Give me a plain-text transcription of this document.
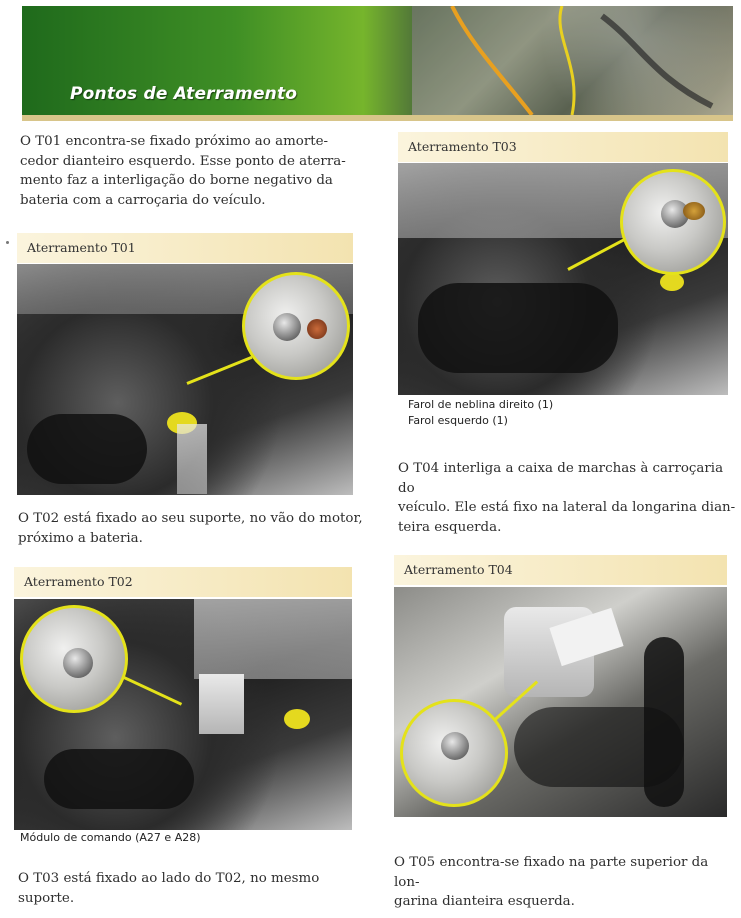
Pontos de Aterramento
O T01 encontra-se fixado próximo ao amorte-
cedor dianteiro esquerdo. Esse ponto de aterra-
mento faz a interligação do borne negativo da
bateria com a carroçaria do veículo.
Aterramento T01
O T02 está fixado ao seu suporte, no vão do motor,
próximo a bateria.
Aterramento T02
Módulo de comando (A27 e A28)
O T03 está fixado ao lado do T02, no mesmo
suporte.
Aterramento T03
Farol de neblina direito (1)
Farol esquerdo (1)
O T04 interliga a caixa de marchas à carroçaria do
veículo. Ele está fixo na lateral da longarina dian-
teira esquerda.
Aterramento T04
O T05 encontra-se fixado na parte superior da lon-
garina dianteira esquerda.
